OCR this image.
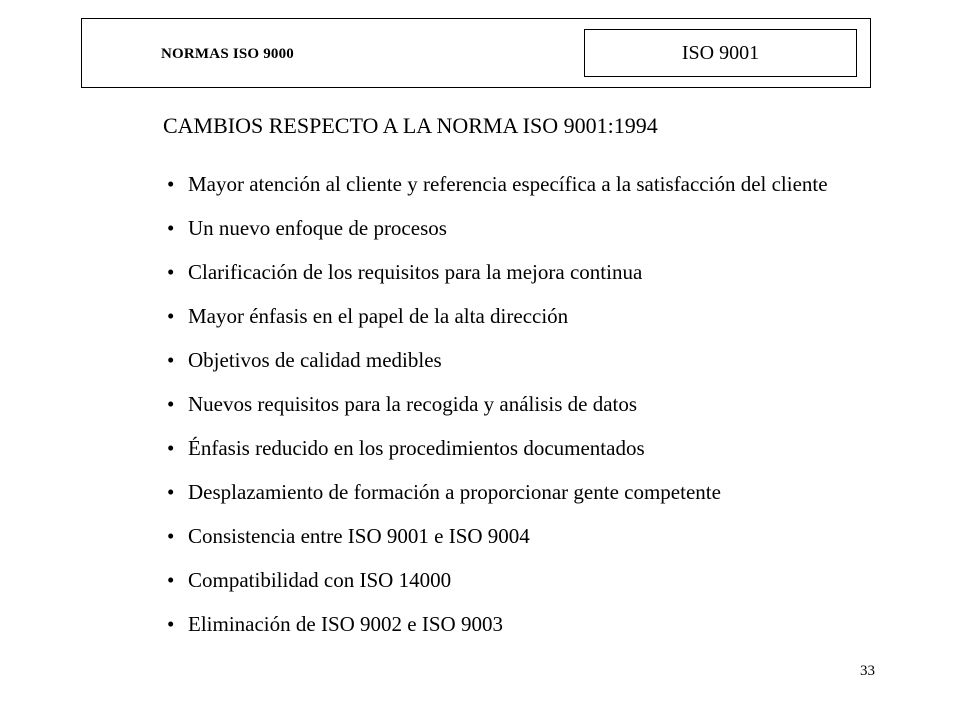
NORMAS ISO 9000	ISO 9001
CAMBIOS RESPECTO A LA NORMA ISO 9001:1994
• Mayor atención al cliente y referencia específica a la satisfacción del cliente
• Un nuevo enfoque de procesos
• Clarificación de los requisitos para la mejora continua
• Mayor énfasis en el papel de la alta dirección
• Objetivos de calidad medibles
• Nuevos requisitos para la recogida y análisis de datos
• Énfasis reducido en los procedimientos documentados
• Desplazamiento de formación a proporcionar gente competente
• Consistencia entre ISO 9001 e ISO 9004
• Compatibilidad con ISO 14000
• Eliminación de ISO 9002 e ISO 9003
33
